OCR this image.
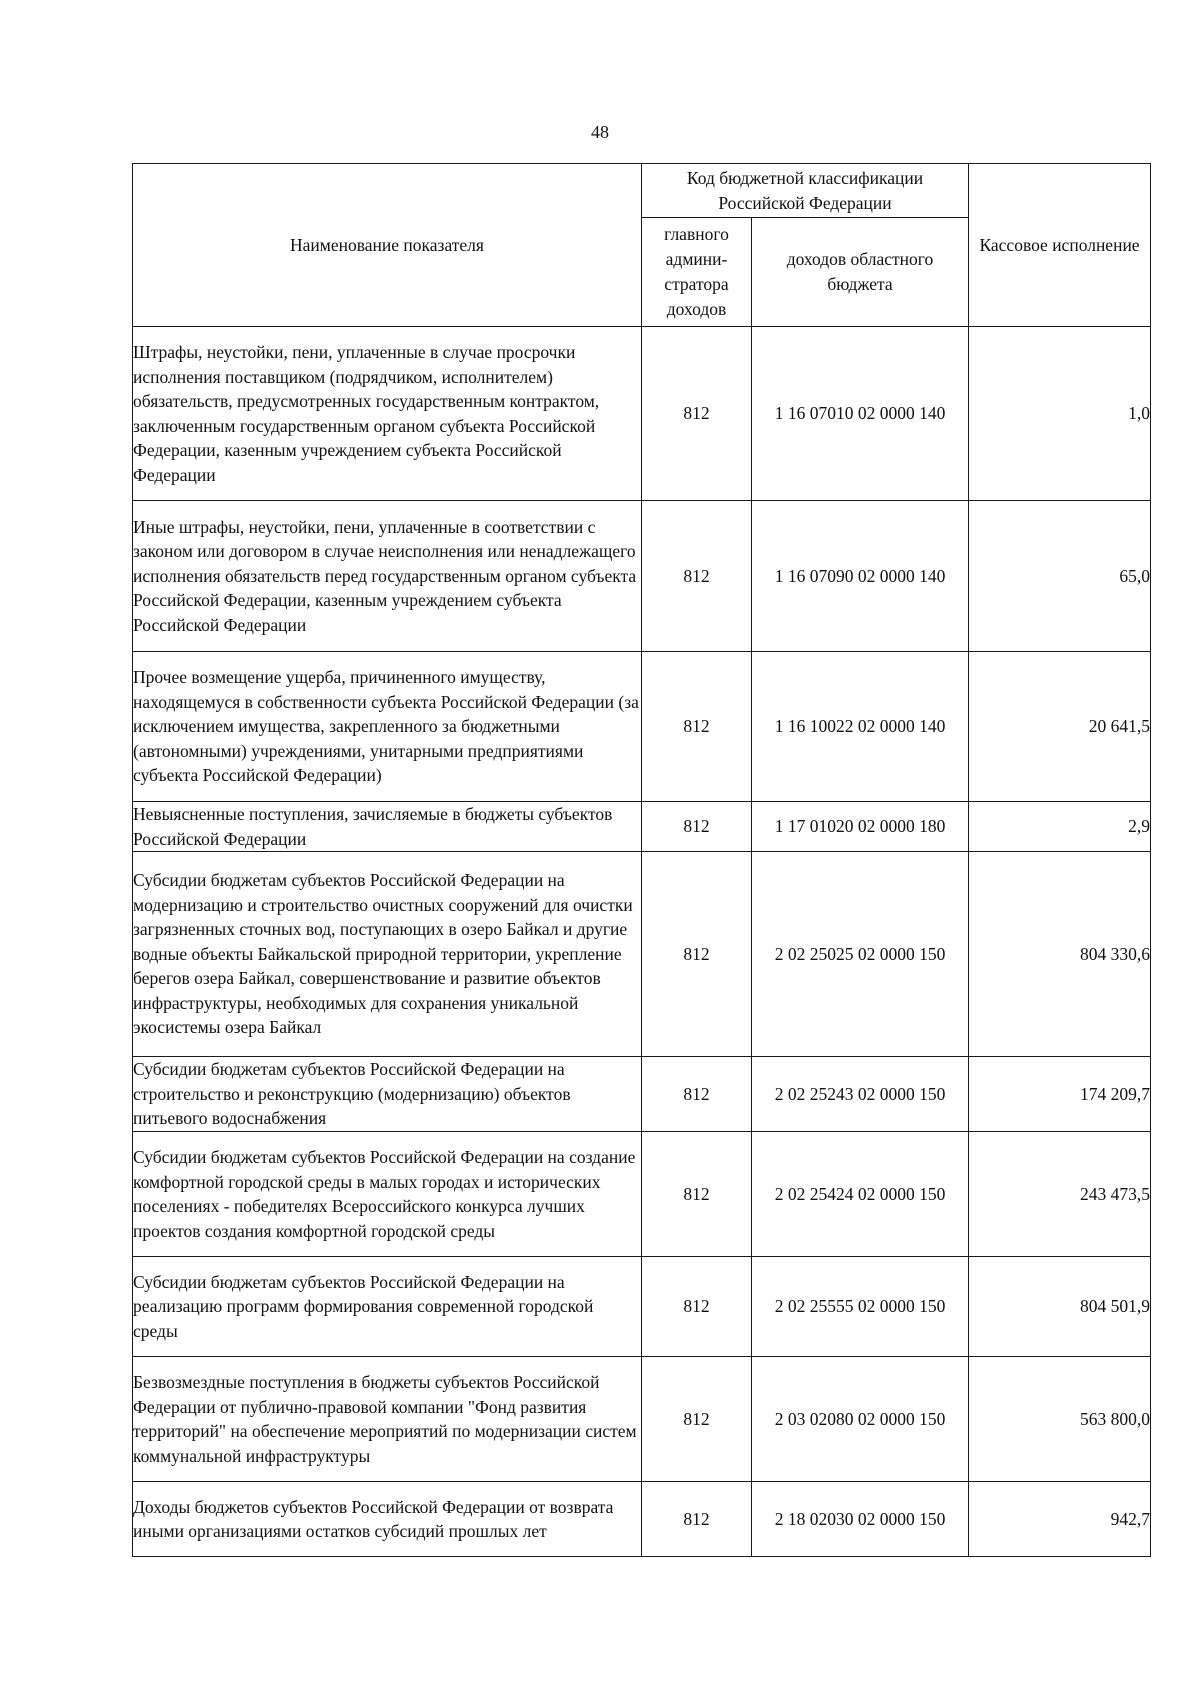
48
Наименование показателя	Код бюджетной классификации Российской Федерации		Кассовое исполнение
	главного админи-стратора доходов	доходов областного бюджета	
Штрафы, неустойки, пени, уплаченные в случае просрочки исполнения поставщиком (подрядчиком, исполнителем) обязательств, предусмотренных государственным контрактом, заключенным государственным органом субъекта Российской Федерации, казенным учреждением субъекта Российской Федерации	812	1 16 07010 02 0000 140	1,0
Иные штрафы, неустойки, пени, уплаченные в соответствии с законом или договором в случае неисполнения или ненадлежащего исполнения обязательств перед государственным органом субъекта Российской Федерации, казенным учреждением субъекта Российской Федерации	812	1 16 07090 02 0000 140	65,0
Прочее возмещение ущерба, причиненного имуществу, находящемуся в собственности субъекта Российской Федерации (за исключением имущества, закрепленного за бюджетными (автономными) учреждениями, унитарными предприятиями субъекта Российской Федерации)	812	1 16 10022 02 0000 140	20 641,5
Невыясненные поступления, зачисляемые в бюджеты субъектов Российской Федерации	812	1 17 01020 02 0000 180	2,9
Субсидии бюджетам субъектов Российской Федерации на модернизацию и строительство очистных сооружений для очистки загрязненных сточных вод, поступающих в озеро Байкал и другие водные объекты Байкальской природной территории, укрепление берегов озера Байкал, совершенствование и развитие объектов инфраструктуры, необходимых для сохранения уникальной экосистемы озера Байкал	812	2 02 25025 02 0000 150	804 330,6
Субсидии бюджетам субъектов Российской Федерации на строительство и реконструкцию (модернизацию) объектов питьевого водоснабжения	812	2 02 25243 02 0000 150	174 209,7
Субсидии бюджетам субъектов Российской Федерации на создание комфортной городской среды в малых городах и исторических поселениях - победителях Всероссийского конкурса лучших проектов создания комфортной городской среды	812	2 02 25424 02 0000 150	243 473,5
Субсидии бюджетам субъектов Российской Федерации на реализацию программ формирования современной городской среды	812	2 02 25555 02 0000 150	804 501,9
Безвозмездные поступления в бюджеты субъектов Российской Федерации от публично-правовой компании "Фонд развития территорий" на обеспечение мероприятий по модернизации систем коммунальной инфраструктуры	812	2 03 02080 02 0000 150	563 800,0
Доходы бюджетов субъектов Российской Федерации от возврата иными организациями остатков субсидий прошлых лет	812	2 18 02030 02 0000 150	942,7
